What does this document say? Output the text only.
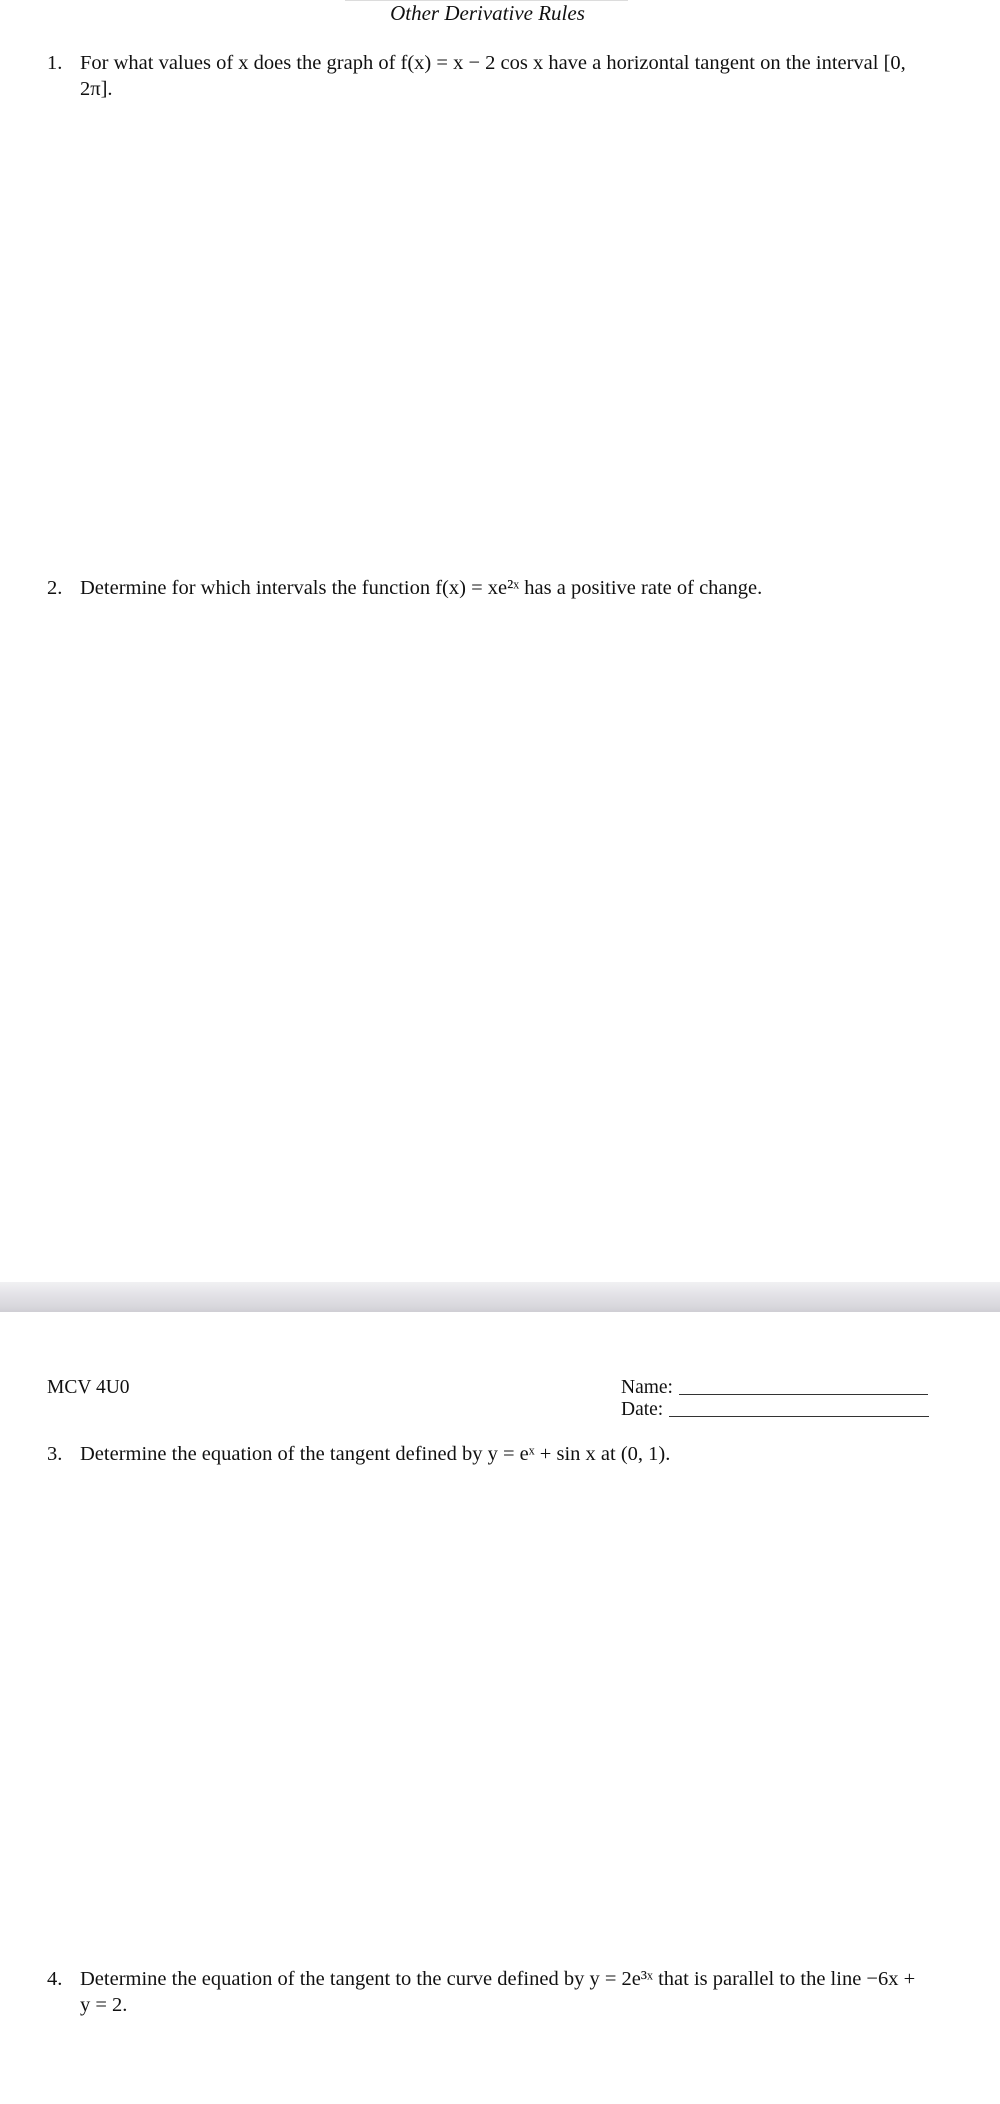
Other Derivative Rules
1. For what values of x does the graph of f(x) = x − 2 cos x have a horizontal tangent on the interval [0, 2π].
2. Determine for which intervals the function f(x) = xe²ˣ has a positive rate of change.
MCV 4U0	Name:
Date:
3. Determine the equation of the tangent defined by y = eˣ + sin x at (0, 1).
4. Determine the equation of the tangent to the curve defined by y = 2e³ˣ that is parallel to the line −6x + y = 2.
